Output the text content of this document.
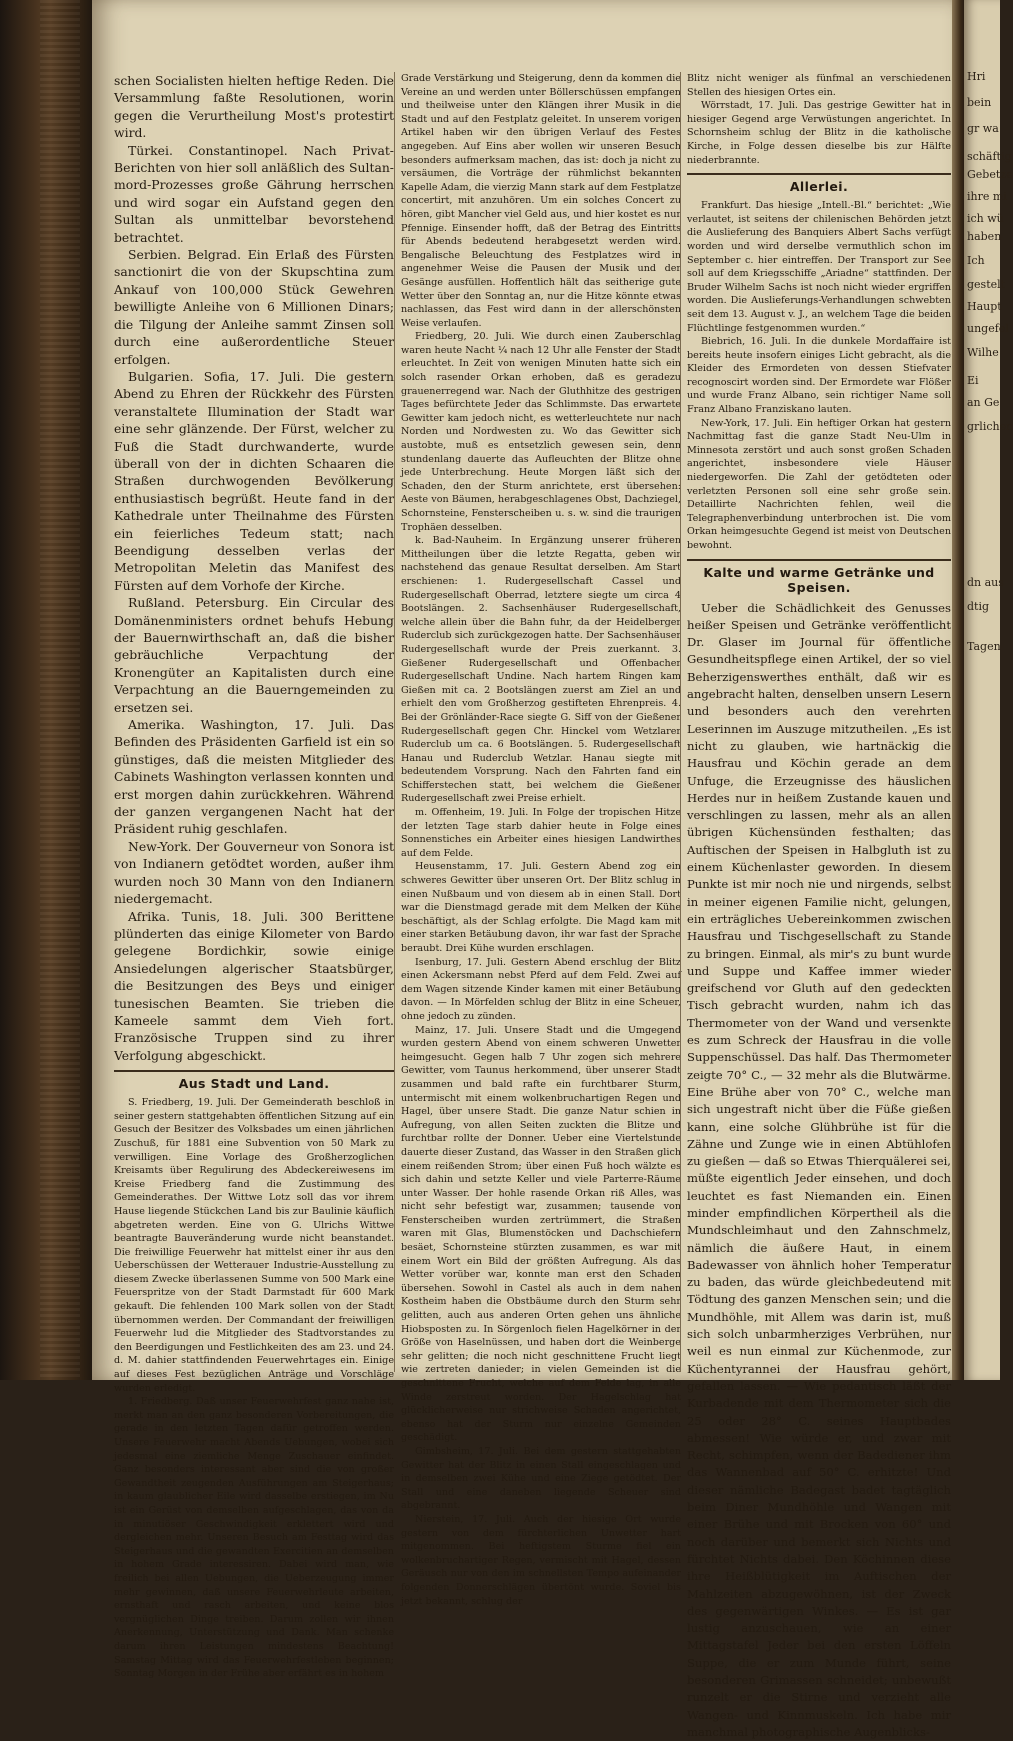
schen Socialisten hielten heftige Reden. Die Versammlung faßte Resolutionen, worin gegen die Verurtheilung Most's protestirt wird.

Türkei. Constantinopel. Nach Privat-Berichten von hier soll anläßlich des Sultan-mord-Prozesses große Gährung herrschen und wird sogar ein Aufstand gegen den Sultan als unmittelbar bevorstehend betrachtet.

Serbien. Belgrad. Ein Erlaß des Fürsten sanctionirt die von der Skupschtina zum Ankauf von 100,000 Stück Gewehren bewilligte Anleihe von 6 Millionen Dinars; die Tilgung der Anleihe sammt Zinsen soll durch eine außerordentliche Steuer erfolgen.

Bulgarien. Sofia, 17. Juli. Die gestern Abend zu Ehren der Rückkehr des Fürsten veranstaltete Illumination der Stadt war eine sehr glänzende. Der Fürst, welcher zu Fuß die Stadt durchwanderte, wurde überall von der in dichten Schaaren die Straßen durchwogenden Bevölkerung enthusiastisch begrüßt. Heute fand in der Kathedrale unter Theilnahme des Fürsten ein feierliches Tedeum statt; nach Beendigung desselben verlas der Metropolitan Meletin das Manifest des Fürsten auf dem Vorhofe der Kirche.

Rußland. Petersburg. Ein Circular des Domänenministers ordnet behufs Hebung der Bauernwirthschaft an, daß die bisher gebräuchliche Verpachtung der Kronengüter an Kapitalisten durch eine Verpachtung an die Bauerngemeinden zu ersetzen sei.

Amerika. Washington, 17. Juli. Das Befinden des Präsidenten Garfield ist ein so günstiges, daß die meisten Mitglieder des Cabinets Washington verlassen konnten und erst morgen dahin zurückkehren. Während der ganzen vergangenen Nacht hat der Präsident ruhig geschlafen.

New-York. Der Gouverneur von Sonora ist von Indianern getödtet worden, außer ihm wurden noch 30 Mann von den Indianern niedergemacht.

Afrika. Tunis, 18. Juli. 300 Berittene plünderten das einige Kilometer von Bardo gelegene Bordichkir, sowie einige Ansiedelungen algerischer Staatsbürger, die Besitzungen des Beys und einiger tunesischen Beamten. Sie trieben die Kameele sammt dem Vieh fort. Französische Truppen sind zu ihrer Verfolgung abgeschickt.

Aus Stadt und Land.

S. Friedberg, 19. Juli. Der Gemeinderath beschloß in seiner gestern stattgehabten öffentlichen Sitzung auf ein Gesuch der Besitzer des Volksbades um einen jährlichen Zuschuß, für 1881 eine Subvention von 50 Mark zu verwilligen. Eine Vorlage des Großherzoglichen Kreisamts über Regulirung des Abdeckereiwesens im Kreise Friedberg fand die Zustimmung des Gemeinderathes. Der Wittwe Lotz soll das vor ihrem Hause liegende Stückchen Land bis zur Baulinie käuflich abgetreten werden. Eine von G. Ulrichs Wittwe beantragte Bauveränderung wurde nicht beanstandet. Die freiwillige Feuerwehr hat mittelst einer ihr aus den Ueberschüssen der Wetterauer Industrie-Ausstellung zu diesem Zwecke überlassenen Summe von 500 Mark eine Feuerspritze von der Stadt Darmstadt für 600 Mark gekauft. Die fehlenden 100 Mark sollen von der Stadt übernommen werden. Der Commandant der freiwilligen Feuerwehr lud die Mitglieder des Stadtvorstandes zu den Beerdigungen und Festlichkeiten des am 23. und 24. d. M. dahier stattfindenden Feuerwehrtages ein. Einige auf dieses Fest bezüglichen Anträge und Vorschläge wurden erledigt.

1. Friedberg. Daß unser Feuerwehrfest ganz nahe ist, merkt man an den ganz besonderen Vorbereitungen, die gerade in den letzten Tagen dafür getroffen werden. Unsere Feuerwehr macht Abends Uebungen, wobei sich jedesmal eine ziemliche Menge Zuschauer einfindet. Ganz besonders interessant aber sind die von großer Gewandtheit zeugenden Ausführungen am Steigerhaus; in kaum glaublicher Eile wird dasselbe erstiegen, im Nu ist ein Gerüst von demselben aufgeschlagen, das von da in minutiöser Geschwindigkeit erklettert wird und dergleichen mehr. Unseren Besuch am Festtag wird das Steigerhaus und die gewandten Exercitien an demselben in hohem Grade interessiren. Dabei wird man, wie freilich bei allen Uebungen, die Ueberzeugung immer mehr gewinnen, daß unsere Feuerwehrleute arbeiten, ernsthaft und rasch arbeiten, und keine blos vergnüglichen Dinge treiben. Darum zollen wir ihnen Anerkennung, Unterstützung und Dank. Man schenke darum ihren Leistungen mindestens Beachtung! Samstag Mittag wird das Feuerwehrfestleben beginnen; Sonntag Morgen in der Frühe aber erfährt es in hohem

Grade Verstärkung und Steigerung, denn da kommen die Vereine an und werden unter Böllerschüssen empfangen und theilweise unter den Klängen ihrer Musik in die Stadt und auf den Festplatz geleitet. In unserem vorigen Artikel haben wir den übrigen Verlauf des Festes angegeben. Auf Eins aber wollen wir unseren Besuch besonders aufmerksam machen, das ist: doch ja nicht zu versäumen, die Vorträge der rühmlichst bekannten Kapelle Adam, die vierzig Mann stark auf dem Festplatze concertirt, mit anzuhören. Um ein solches Concert zu hören, gibt Mancher viel Geld aus, und hier kostet es nur Pfennige. Einsender hofft, daß der Betrag des Eintritts für Abends bedeutend herabgesetzt werden wird. Bengalische Beleuchtung des Festplatzes wird in angenehmer Weise die Pausen der Musik und der Gesänge ausfüllen. Hoffentlich hält das seitherige gute Wetter über den Sonntag an, nur die Hitze könnte etwas nachlassen, das Fest wird dann in der allerschönsten Weise verlaufen.

Friedberg, 20. Juli. Wie durch einen Zauberschlag waren heute Nacht ¼ nach 12 Uhr alle Fenster der Stadt erleuchtet. In Zeit von wenigen Minuten hatte sich ein solch rasender Orkan erhoben, daß es geradezu grauenerregend war. Nach der Gluthhitze des gestrigen Tages befürchtete Jeder das Schlimmste. Das erwartete Gewitter kam jedoch nicht, es wetterleuchtete nur nach Norden und Nordwesten zu. Wo das Gewitter sich austobte, muß es entsetzlich gewesen sein, denn stundenlang dauerte das Aufleuchten der Blitze ohne jede Unterbrechung. Heute Morgen läßt sich der Schaden, den der Sturm anrichtete, erst übersehen: Aeste von Bäumen, herabgeschlagenes Obst, Dachziegel, Schornsteine, Fensterscheiben u. s. w. sind die traurigen Trophäen desselben.

k. Bad-Nauheim. In Ergänzung unserer früheren Mittheilungen über die letzte Regatta, geben wir nachstehend das genaue Resultat derselben. Am Start erschienen: 1. Rudergesellschaft Cassel und Rudergesellschaft Oberrad, letztere siegte um circa 4 Bootslängen. 2. Sachsenhäuser Rudergesellschaft, welche allein über die Bahn fuhr, da der Heidelberger Ruderclub sich zurückgezogen hatte. Der Sachsenhäuser Rudergesellschaft wurde der Preis zuerkannt. 3. Gießener Rudergesellschaft und Offenbacher Rudergesellschaft Undine. Nach hartem Ringen kam Gießen mit ca. 2 Bootslängen zuerst am Ziel an und erhielt den vom Großherzog gestifteten Ehrenpreis. 4. Bei der Grönländer-Race siegte G. Siff von der Gießener Rudergesellschaft gegen Chr. Hinckel vom Wetzlarer Ruderclub um ca. 6 Bootslängen. 5. Rudergesellschaft Hanau und Ruderclub Wetzlar. Hanau siegte mit bedeutendem Vorsprung. Nach den Fahrten fand ein Schifferstechen statt, bei welchem die Gießener Rudergesellschaft zwei Preise erhielt.

m. Offenheim, 19. Juli. In Folge der tropischen Hitze der letzten Tage starb dahier heute in Folge eines Sonnenstiches ein Arbeiter eines hiesigen Landwirthes auf dem Felde.

Heusenstamm, 17. Juli. Gestern Abend zog ein schweres Gewitter über unseren Ort. Der Blitz schlug in einen Nußbaum und von diesem ab in einen Stall. Dort war die Dienstmagd gerade mit dem Melken der Kühe beschäftigt, als der Schlag erfolgte. Die Magd kam mit einer starken Betäubung davon, ihr war fast der Sprache beraubt. Drei Kühe wurden erschlagen.

Isenburg, 17. Juli. Gestern Abend erschlug der Blitz einen Ackersmann nebst Pferd auf dem Feld. Zwei auf dem Wagen sitzende Kinder kamen mit einer Betäubung davon. — In Mörfelden schlug der Blitz in eine Scheuer, ohne jedoch zu zünden.

Mainz, 17. Juli. Unsere Stadt und die Umgegend wurden gestern Abend von einem schweren Unwetter heimgesucht. Gegen halb 7 Uhr zogen sich mehrere Gewitter, vom Taunus herkommend, über unserer Stadt zusammen und bald rafte ein furchtbarer Sturm, untermischt mit einem wolkenbruchartigen Regen und Hagel, über unsere Stadt. Die ganze Natur schien in Aufregung, von allen Seiten zuckten die Blitze und furchtbar rollte der Donner. Ueber eine Viertelstunde dauerte dieser Zustand, das Wasser in den Straßen glich einem reißenden Strom; über einen Fuß hoch wälzte es sich dahin und setzte Keller und viele Parterre-Räume unter Wasser. Der hohle rasende Orkan riß Alles, was nicht sehr befestigt war, zusammen; tausende von Fensterscheiben wurden zertrümmert, die Straßen waren mit Glas, Blumenstöcken und Dachschiefern besäet, Schornsteine stürzten zusammen, es war mit einem Wort ein Bild der größten Aufregung. Als das Wetter vorüber war, konnte man erst den Schaden übersehen. Sowohl in Castel als auch in dem nahen Kostheim haben die Obstbäume durch den Sturm sehr gelitten, auch aus anderen Orten gehen uns ähnliche Hiobsposten zu. In Sörgenloch fielen Hagelkörner in der Größe von Haselnüssen, und haben dort die Weinberge sehr gelitten; die noch nicht geschnittene Frucht liegt wie zertreten danieder; in vielen Gemeinden ist die geschnittene Frucht, welche auf dem Felde lag, in alle Winde zerstreut worden. Der Hagelschlag hat glücklicherweise nur strichweise Schaden angerichtet, ebenso hat der Sturm nur einzelne Gemeinden geschädigt.

Gimbsheim, 17. Juli. Bei dem gestern stattgehabten Gewitter hat der Blitz in einen Stall eingeschlagen und in demselben zwei Kühe und eine Ziege getödtet. Der Stall und eine daneben liegende Scheuer sind abgebrannt.

Nierstein, 17. Juli. Auch der hiesige Ort wurde gestern von dem fürchterlichen Unwetter hart mitgenommen. Bei heftigstem Sturme fiel ein wolkenbruchartiger Regen, vermischt mit Hagel, dessen Geräusch nur von den im schnellsten Tempo aufeinander folgenden Donnerschlägen übertönt wurde. Soviel bis jetzt bekannt, schlug der

Blitz nicht weniger als fünfmal an verschiedenen Stellen des hiesigen Ortes ein.

Wörrstadt, 17. Juli. Das gestrige Gewitter hat in hiesiger Gegend arge Verwüstungen angerichtet. In Schornsheim schlug der Blitz in die katholische Kirche, in Folge dessen dieselbe bis zur Hälfte niederbrannte.

Allerlei.

Frankfurt. Das hiesige „Intell.-Bl.“ berichtet: „Wie verlautet, ist seitens der chilenischen Behörden jetzt die Auslieferung des Banquiers Albert Sachs verfügt worden und wird derselbe vermuthlich schon im September c. hier eintreffen. Der Transport zur See soll auf dem Kriegsschiffe „Ariadne“ stattfinden. Der Bruder Wilhelm Sachs ist noch nicht wieder ergriffen worden. Die Auslieferungs-Verhandlungen schwebten seit dem 13. August v. J., an welchem Tage die beiden Flüchtlinge festgenommen wurden.“

Biebrich, 16. Juli. In die dunkele Mordaffaire ist bereits heute insofern einiges Licht gebracht, als die Kleider des Ermordeten von dessen Stiefvater recognoscirt worden sind. Der Ermordete war Flößer und wurde Franz Albano, sein richtiger Name soll Franz Albano Franziskano lauten.

New-York, 17. Juli. Ein heftiger Orkan hat gestern Nachmittag fast die ganze Stadt Neu-Ulm in Minnesota zerstört und auch sonst großen Schaden angerichtet, insbesondere viele Häuser niedergeworfen. Die Zahl der getödteten oder verletzten Personen soll eine sehr große sein. Detaillirte Nachrichten fehlen, weil die Telegraphenverbindung unterbrochen ist. Die vom Orkan heimgesuchte Gegend ist meist von Deutschen bewohnt.

Kalte und warme Getränke und Speisen.

Ueber die Schädlichkeit des Genusses heißer Speisen und Getränke veröffentlicht Dr. Glaser im Journal für öffentliche Gesundheitspflege einen Artikel, der so viel Beherzigenswerthes enthält, daß wir es angebracht halten, denselben unsern Lesern und besonders auch den verehrten Leserinnen im Auszuge mitzutheilen. „Es ist nicht zu glauben, wie hartnäckig die Hausfrau und Köchin gerade an dem Unfuge, die Erzeugnisse des häuslichen Herdes nur in heißem Zustande kauen und verschlingen zu lassen, mehr als an allen übrigen Küchensünden festhalten; das Auftischen der Speisen in Halbgluth ist zu einem Küchenlaster geworden. In diesem Punkte ist mir noch nie und nirgends, selbst in meiner eigenen Familie nicht, gelungen, ein erträgliches Uebereinkommen zwischen Hausfrau und Tischgesellschaft zu Stande zu bringen. Einmal, als mir's zu bunt wurde und Suppe und Kaffee immer wieder greifschend vor Gluth auf den gedeckten Tisch gebracht wurden, nahm ich das Thermometer von der Wand und versenkte es zum Schreck der Hausfrau in die volle Suppenschüssel. Das half. Das Thermometer zeigte 70° C., — 32 mehr als die Blutwärme. Eine Brühe aber von 70° C., welche man sich ungestraft nicht über die Füße gießen kann, eine solche Glühbrühe ist für die Zähne und Zunge wie in einen Abtühlofen zu gießen — daß so Etwas Thierquälerei sei, müßte eigentlich Jeder einsehen, und doch leuchtet es fast Niemanden ein. Einen minder empfindlichen Körpertheil als die Mundschleimhaut und den Zahnschmelz, nämlich die äußere Haut, in einem Badewasser von ähnlich hoher Temperatur zu baden, das würde gleichbedeutend mit Tödtung des ganzen Menschen sein; und die Mundhöhle, mit Allem was darin ist, muß sich solch unbarmherziges Verbrühen, nur weil es nun einmal zur Küchenmode, zur Küchentyrannei der Hausfrau gehört, gefallen lassen. — Wie pedantisch läßt der Kurbadende mit dem Thermometer sich die 25 oder 28° C. seines Hauptbades abmessen! Wie würde er, und zwar mit Recht, schimpfen, wenn der Badediener ihm das Wannenbad auf 50° C. erhitzte! Und dieser nämliche Badegast badet tagtäglich beim Diner Mundhöhle und Wangen mit einer Brühe und mit Brocken von 60° und noch darüber und bemerkt sich Nichts und fürchtet Nichts dabei. Den Köchinnen diese ihre Heißblütigkeit im Auftischen der Mahlzeiten abzugewöhnen, ist der Zweck des gegenwärtigen Winkes. — Es ist gar lustig anzuschauen, wie an einer Mittagstafel Jeder bei den ersten Löffeln Suppe, die er zum Munde führt, seine besonderen Grimassen schneidet; unbewußt runzelt er die Stirne und verzieht alle Wangen- und Kinnmuskeln. Ich habe mir manchmal photographische Augenblicks-

Hri
bein
gr wa
schäftig
Gebetze
ihre mi
ich wü
haben
Ich
gestelt
Haupt
ungefel
Wilhe
Ei
an Ge
grlichen
dn aus
dtig
Tagen
